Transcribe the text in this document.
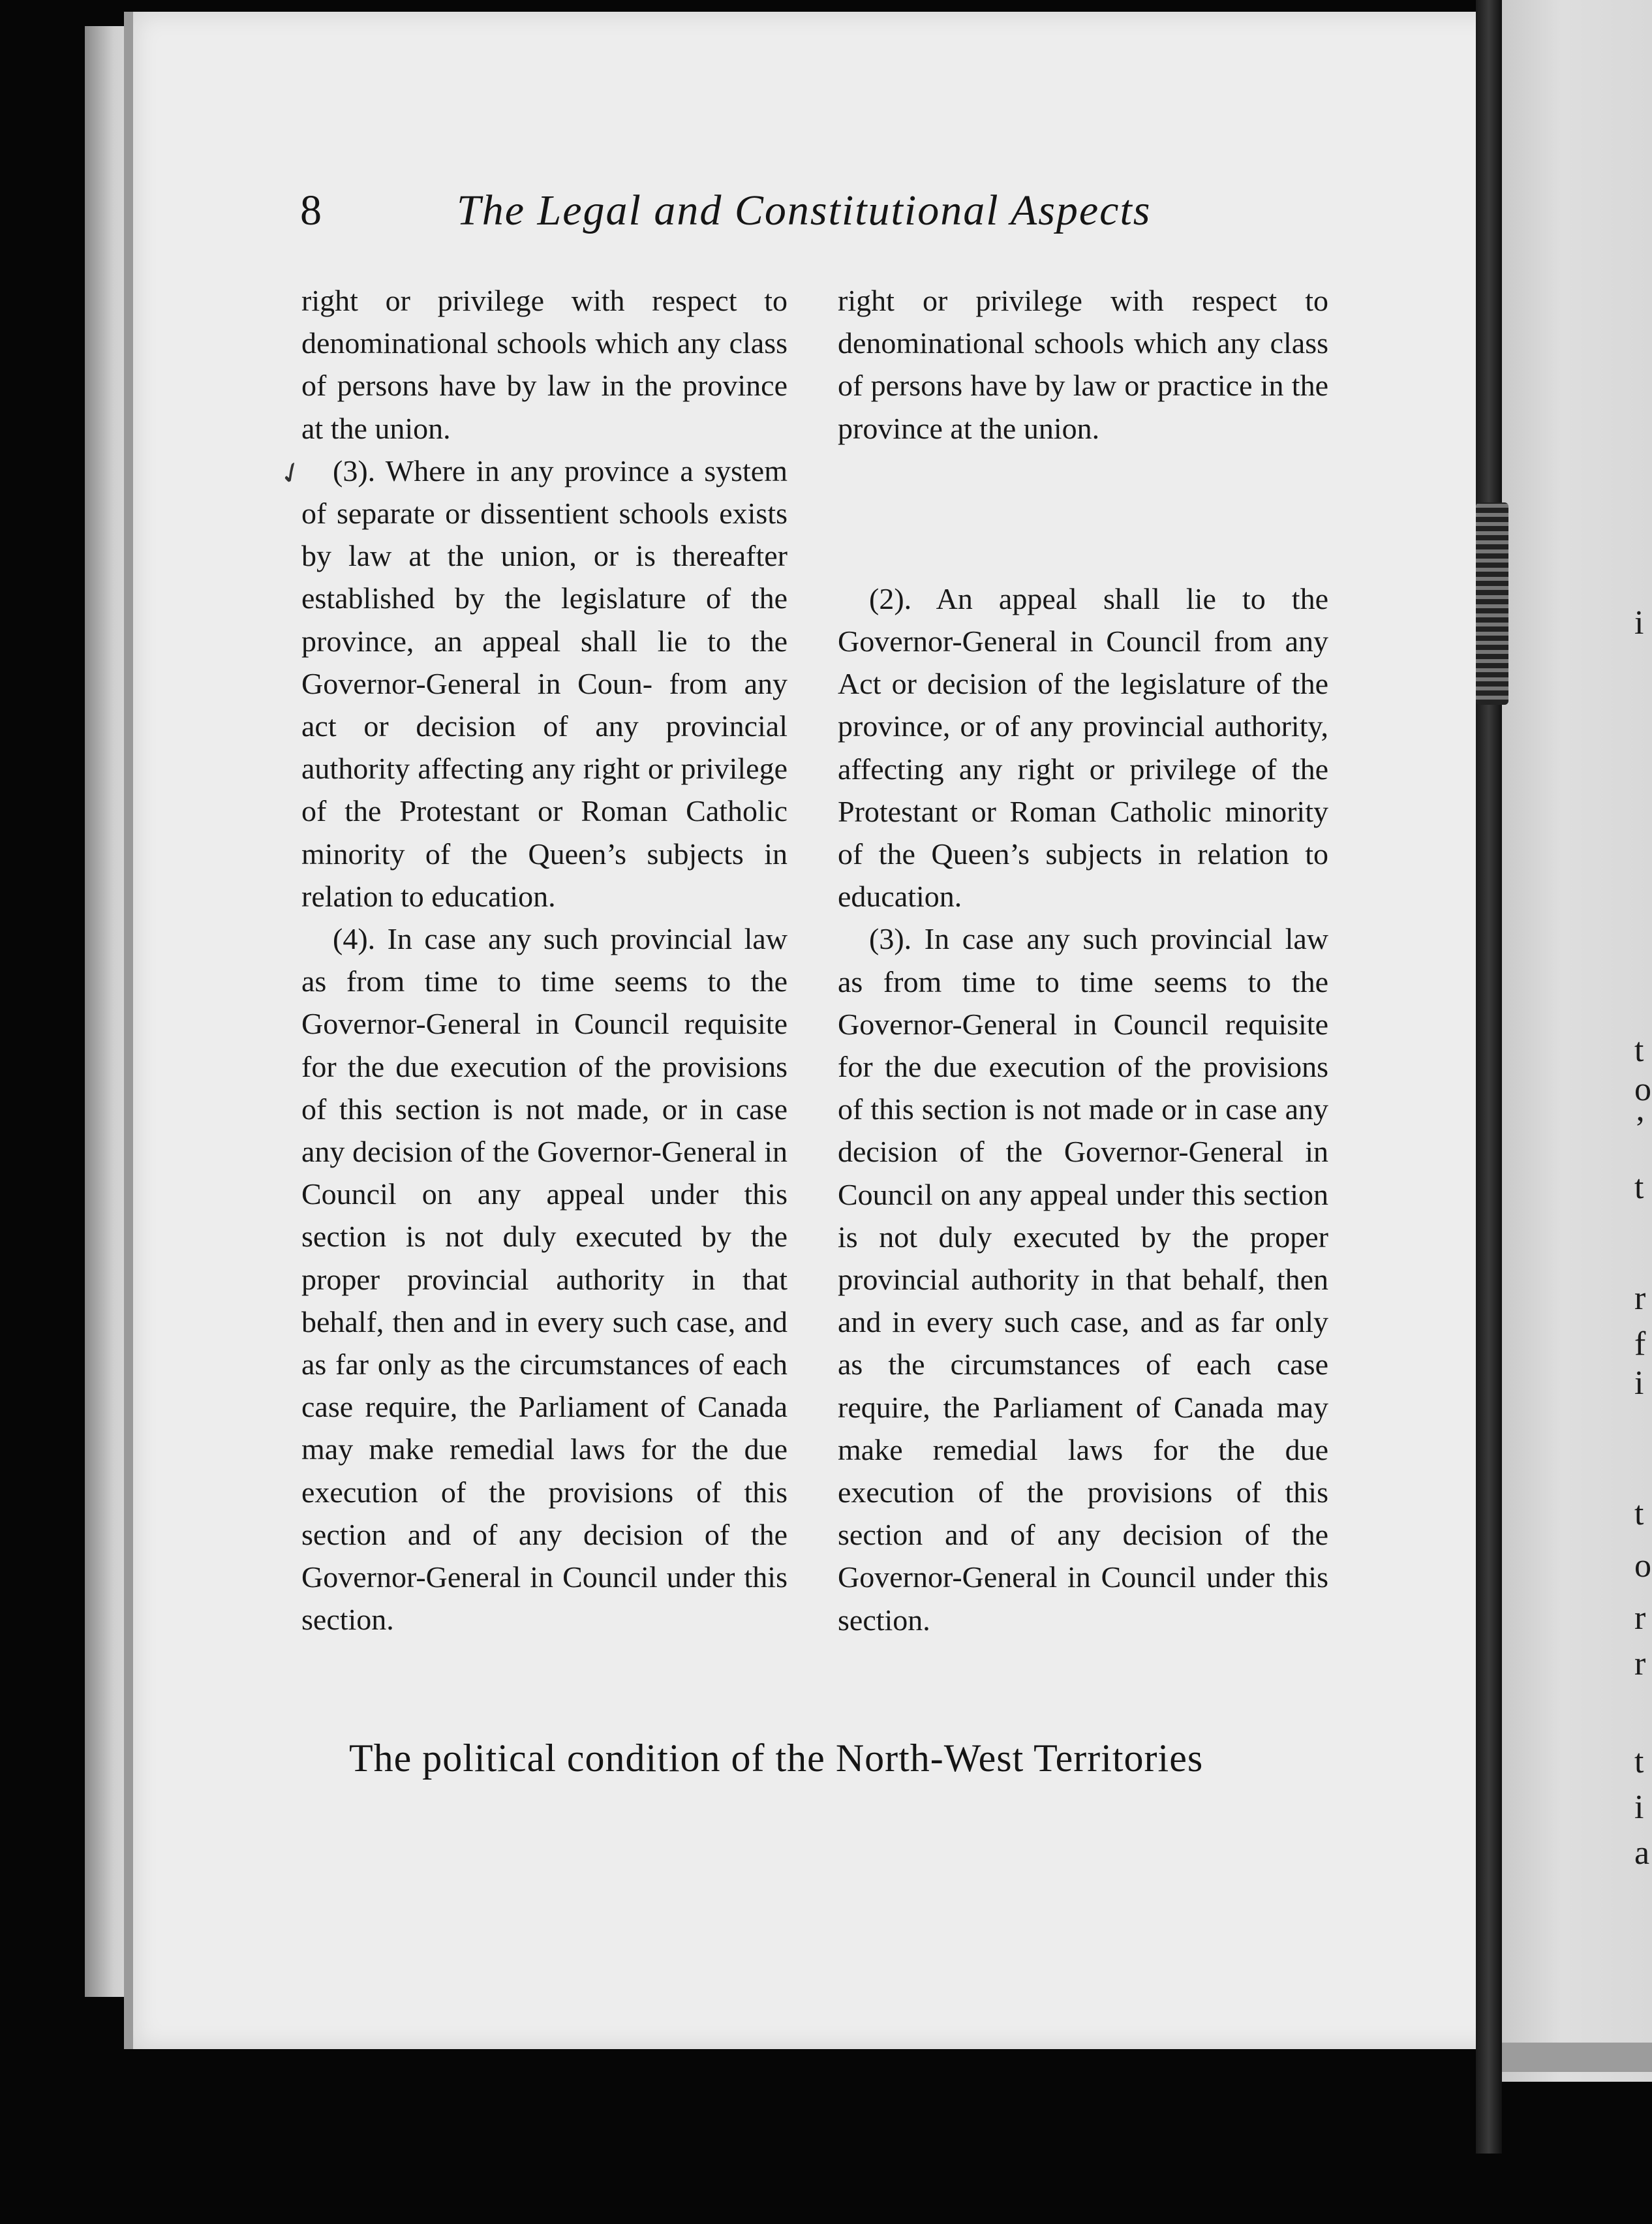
i
t
o
’
t
r
f
i
t
o
r
r
t
i
a
8	The Legal and Constitutional Aspects
✓

right or privilege with respect to denominational schools which any class of persons have by law in the province at the union.

(3). Where in any province a system of separate or dissentient schools exists by law at the union, or is thereafter established by the legislature of the province, an appeal shall lie to the Governor-General in Coun- from any act or decision of any provincial authority affecting any right or privilege of the Protestant or Roman Catholic minority of the Queen’s subjects in relation to education.

(4). In case any such provincial law as from time to time seems to the Governor-General in Council requisite for the due execution of the provisions of this section is not made, or in case any decision of the Governor-General in Council on any appeal under this section is not duly executed by the proper provincial authority in that behalf, then and in every such case, and as far only as the circumstances of each case require, the Parliament of Canada may make remedial laws for the due execution of the provisions of this section and of any decision of the Governor-General in Council under this section.

right or privilege with respect to denominational schools which any class of persons have by law or practice in the province at the union.

(2). An appeal shall lie to the Governor-General in Council from any Act or decision of the legislature of the province, or of any provincial authority, affecting any right or privilege of the Protestant or Roman Catholic minority of the Queen’s subjects in relation to education.

(3). In case any such provincial law as from time to time seems to the Governor-General in Council requisite for the due execution of the provisions of this section is not made or in case any decision of the Governor-General in Council on any appeal under this section is not duly executed by the proper provincial authority in that behalf, then and in every such case, and as far only as the circumstances of each case require, the Parliament of Canada may make remedial laws for the due execution of the provisions of this section and of any decision of the Governor-General in Council under this section.

The political condition of the North-West Territories
